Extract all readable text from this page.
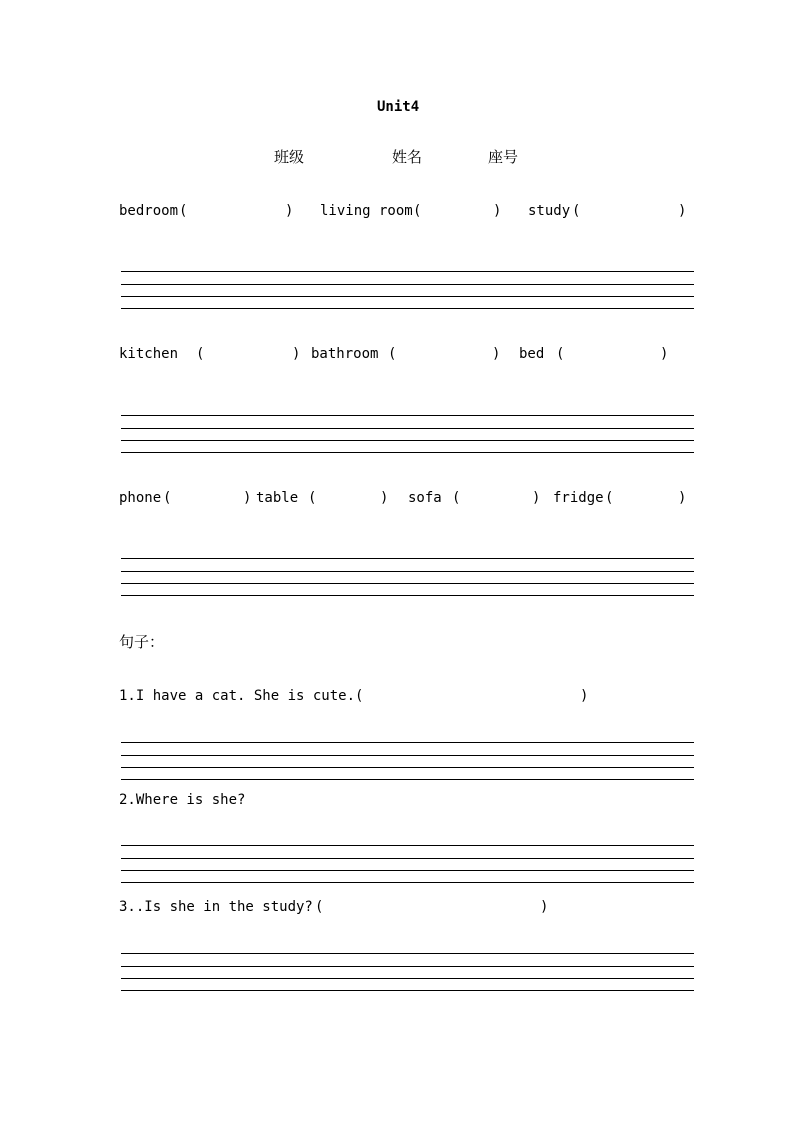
Unit4
班级	姓名	座号
bedroom (	) living room (	) study (	)
kitchen (	) bathroom (	) bed (	)
phone (	) table (	) sofa (	) fridge (	)
句子：
1.I have a cat. She is cute. (	)
2.Where is she?
3..Is she in the study? (	)
